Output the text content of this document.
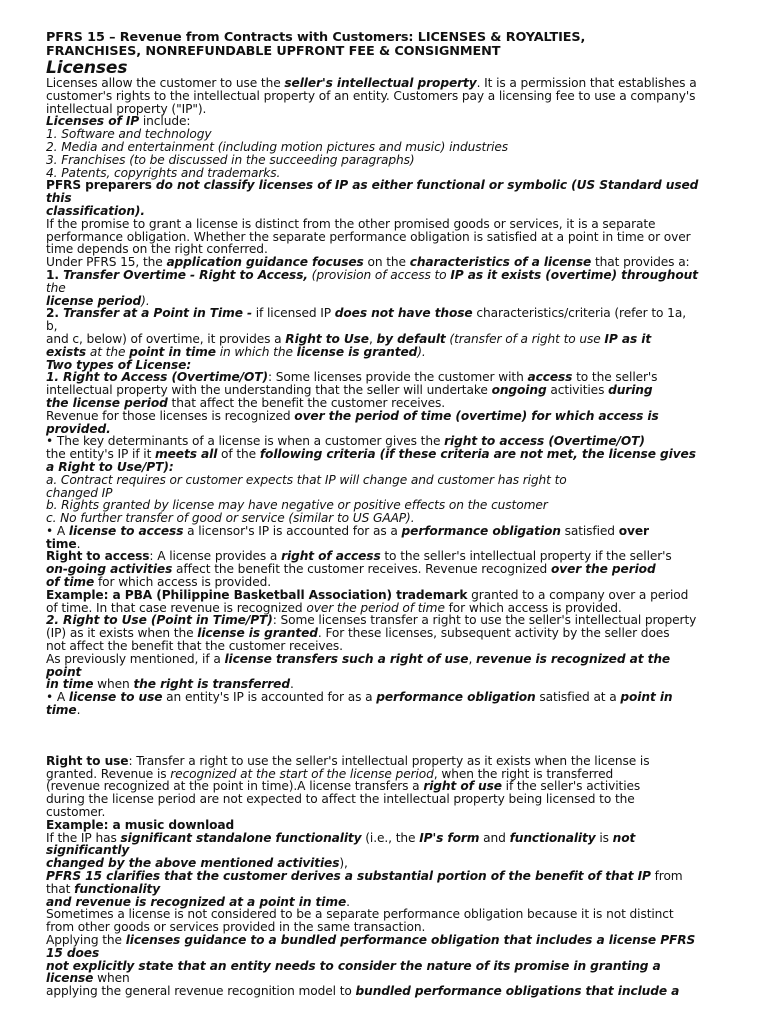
PFRS 15 – Revenue from Contracts with Customers: LICENSES & ROYALTIES,
FRANCHISES, NONREFUNDABLE UPFRONT FEE & CONSIGNMENT
Licenses
Licenses allow the customer to use the seller's intellectual property. It is a permission that establishes a
customer's rights to the intellectual property of an entity. Customers pay a licensing fee to use a company's
intellectual property ("IP").
Licenses of IP include:
1. Software and technology
2. Media and entertainment (including motion pictures and music) industries
3. Franchises (to be discussed in the succeeding paragraphs)
4. Patents, copyrights and trademarks.
PFRS preparers do not classify licenses of IP as either functional or symbolic (US Standard used
this
classification).
If the promise to grant a license is distinct from the other promised goods or services, it is a separate
performance obligation. Whether the separate performance obligation is satisfied at a point in time or over
time depends on the right conferred.
Under PFRS 15, the application guidance focuses on the characteristics of a license that provides a:
1. Transfer Overtime - Right to Access, (provision of access to IP as it exists (overtime) throughout
the
license period).
2. Transfer at a Point in Time - if licensed IP does not have those characteristics/criteria (refer to 1a,
b,
and c, below) of overtime, it provides a Right to Use, by default (transfer of a right to use IP as it
exists at the point in time in which the license is granted).
Two types of License:
1. Right to Access (Overtime/OT): Some licenses provide the customer with access to the seller's
intellectual property with the understanding that the seller will undertake ongoing activities during
the license period that affect the benefit the customer receives.
Revenue for those licenses is recognized over the period of time (overtime) for which access is
provided.
• The key determinants of a license is when a customer gives the right to access (Overtime/OT)
the entity's IP if it meets all of the following criteria (if these criteria are not met, the license gives
a Right to Use/PT):
a. Contract requires or customer expects that IP will change and customer has right to
changed IP
b. Rights granted by license may have negative or positive effects on the customer
c. No further transfer of good or service (similar to US GAAP).
• A license to access a licensor's IP is accounted for as a performance obligation satisfied over
time.
Right to access: A license provides a right of access to the seller's intellectual property if the seller's
on-going activities affect the benefit the customer receives. Revenue recognized over the period
of time for which access is provided.
Example: a PBA (Philippine Basketball Association) trademark granted to a company over a period
of time. In that case revenue is recognized over the period of time for which access is provided.
2. Right to Use (Point in Time/PT): Some licenses transfer a right to use the seller's intellectual property
(IP) as it exists when the license is granted. For these licenses, subsequent activity by the seller does
not affect the benefit that the customer receives.
As previously mentioned, if a license transfers such a right of use, revenue is recognized at the
point
in time when the right is transferred.
• A license to use an entity's IP is accounted for as a performance obligation satisfied at a point in
time.
Right to use: Transfer a right to use the seller's intellectual property as it exists when the license is
granted. Revenue is recognized at the start of the license period, when the right is transferred
(revenue recognized at the point in time).A license transfers a right of use if the seller's activities
during the license period are not expected to affect the intellectual property being licensed to the
customer.
Example: a music download
If the IP has significant standalone functionality (i.e., the IP's form and functionality is not
significantly
changed by the above mentioned activities),
PFRS 15 clarifies that the customer derives a substantial portion of the benefit of that IP from
that functionality
and revenue is recognized at a point in time.
Sometimes a license is not considered to be a separate performance obligation because it is not distinct
from other goods or services provided in the same transaction.
Applying the licenses guidance to a bundled performance obligation that includes a license PFRS
15 does
not explicitly state that an entity needs to consider the nature of its promise in granting a
license when
applying the general revenue recognition model to bundled performance obligations that include a
